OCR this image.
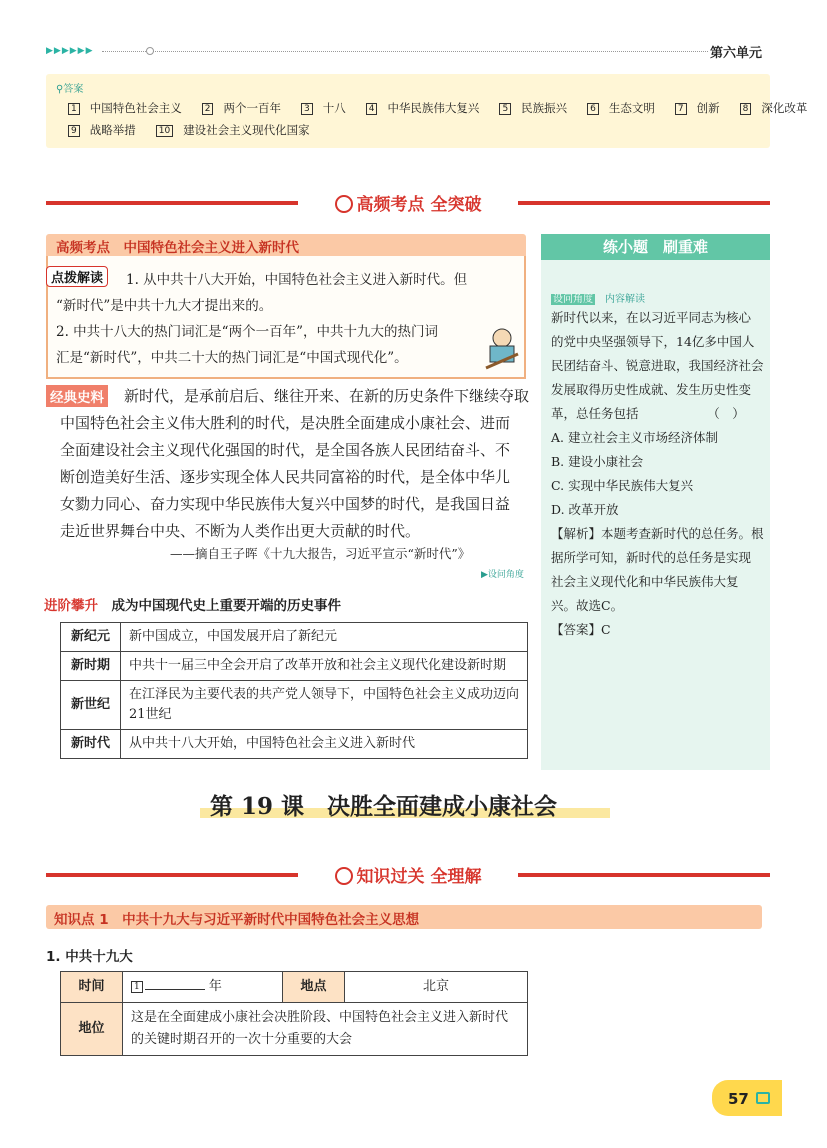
▶▶▶▶▶▶	第六单元
⚲答案
1 中国特色社会主义	2 两个一百年	3 十八	4 中华民族伟大复兴	5 民族振兴	6 生态文明	7 创新	8 深化改革
9 战略举措	10 建设社会主义现代化国家
高频考点 全突破
高频考点　中国特色社会主义进入新时代
点拨解读	1. 从中共十八大开始，中国特色社会主义进入新时代。但
“新时代”是中共十九大才提出来的。
2. 中共十八大的热门词汇是“两个一百年”，中共十九大的热门词
汇是“新时代”，中共二十大的热门词汇是“中国式现代化”。
经典史料 新时代，是承前启后、继往开来、在新的历史条件下继续夺取
中国特色社会主义伟大胜利的时代，是决胜全面建成小康社会、进而
全面建设社会主义现代化强国的时代，是全国各族人民团结奋斗、不
断创造美好生活、逐步实现全体人民共同富裕的时代，是全体中华儿
女勠力同心、奋力实现中华民族伟大复兴中国梦的时代，是我国日益
走近世界舞台中央、不断为人类作出更大贡献的时代。
——摘自王子晖《十九大报告，习近平宣示“新时代”》
▶设问角度
进阶攀升　 成为中国现代史上重要开端的历史事件
新纪元	新中国成立，中国发展开启了新纪元
新时期	中共十一届三中全会开启了改革开放和社会主义现代化建设新时期
新世纪	在江泽民为主要代表的共产党人领导下，中国特色社会主义成功迈向21世纪
新时代	从中共十八大开始，中国特色社会主义进入新时代
练小题　刷重难
设问角度　 内容解读
新时代以来，在以习近平同志为核心
的党中央坚强领导下，14亿多中国人
民团结奋斗、锐意进取，我国经济社会
发展取得历史性成就、发生历史性变
革，总任务包括　　　　　　（　）
A. 建立社会主义市场经济体制
B. 建设小康社会
C. 实现中华民族伟大复兴
D. 改革开放
【解析】本题考查新时代的总任务。根
据所学可知，新时代的总任务是实现
社会主义现代化和中华民族伟大复
兴。故选C。
【答案】C
第 19 课　决胜全面建成小康社会
知识过关 全理解
知识点 1　中共十九大与习近平新时代中国特色社会主义思想
1. 中共十九大
时间	1 年	地点	北京
地位	这是在全面建成小康社会决胜阶段、中国特色社会主义进入新时代的关键时期召开的一次十分重要的大会		
57
